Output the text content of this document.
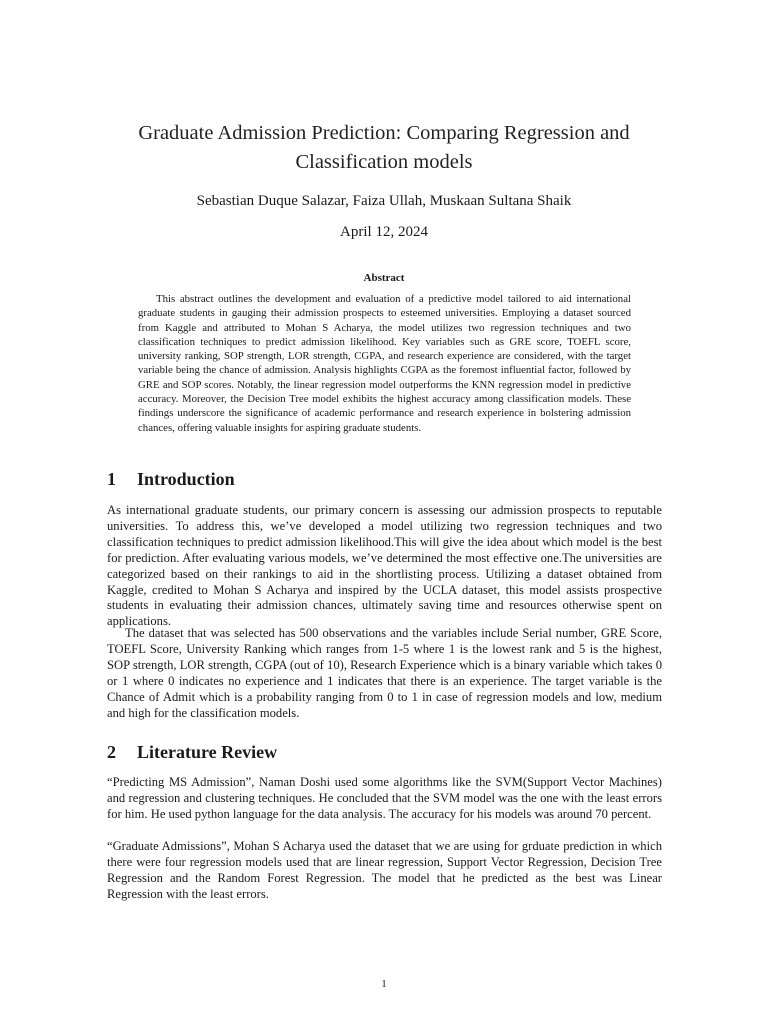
Graduate Admission Prediction: Comparing Regression and Classification models
Sebastian Duque Salazar, Faiza Ullah, Muskaan Sultana Shaik
April 12, 2024
Abstract

This abstract outlines the development and evaluation of a predictive model tailored to aid international graduate students in gauging their admission prospects to esteemed universities. Employing a dataset sourced from Kaggle and attributed to Mohan S Acharya, the model utilizes two regression techniques and two classification techniques to predict admission likelihood. Key variables such as GRE score, TOEFL score, university ranking, SOP strength, LOR strength, CGPA, and research experience are considered, with the target variable being the chance of admission. Analysis highlights CGPA as the foremost influential factor, followed by GRE and SOP scores. Notably, the linear regression model outperforms the KNN regression model in predictive accuracy. Moreover, the Decision Tree model exhibits the highest accuracy among classification models. These findings underscore the significance of academic performance and research experience in bolstering admission chances, offering valuable insights for aspiring graduate students.

1 Introduction

As international graduate students, our primary concern is assessing our admission prospects to reputable universities. To address this, we’ve developed a model utilizing two regression techniques and two classification techniques to predict admission likelihood.This will give the idea about which model is the best for prediction. After evaluating various models, we’ve determined the most effective one.The universities are categorized based on their rankings to aid in the shortlisting process. Utilizing a dataset obtained from Kaggle, credited to Mohan S Acharya and inspired by the UCLA dataset, this model assists prospective students in evaluating their admission chances, ultimately saving time and resources otherwise spent on applications.

The dataset that was selected has 500 observations and the variables include Serial number, GRE Score, TOEFL Score, University Ranking which ranges from 1-5 where 1 is the lowest rank and 5 is the highest, SOP strength, LOR strength, CGPA (out of 10), Research Experience which is a binary variable which takes 0 or 1 where 0 indicates no experience and 1 indicates that there is an experience. The target variable is the Chance of Admit which is a probability ranging from 0 to 1 in case of regression models and low, medium and high for the classification models.

2 Literature Review

“Predicting MS Admission”, Naman Doshi used some algorithms like the SVM(Support Vector Machines) and regression and clustering techniques. He concluded that the SVM model was the one with the least errors for him. He used python language for the data analysis. The accuracy for his models was around 70 percent.

“Graduate Admissions”, Mohan S Acharya used the dataset that we are using for grduate prediction in which there were four regression models used that are linear regression, Support Vector Regression, Decision Tree Regression and the Random Forest Regression. The model that he predicted as the best was Linear Regression with the least errors.

1
